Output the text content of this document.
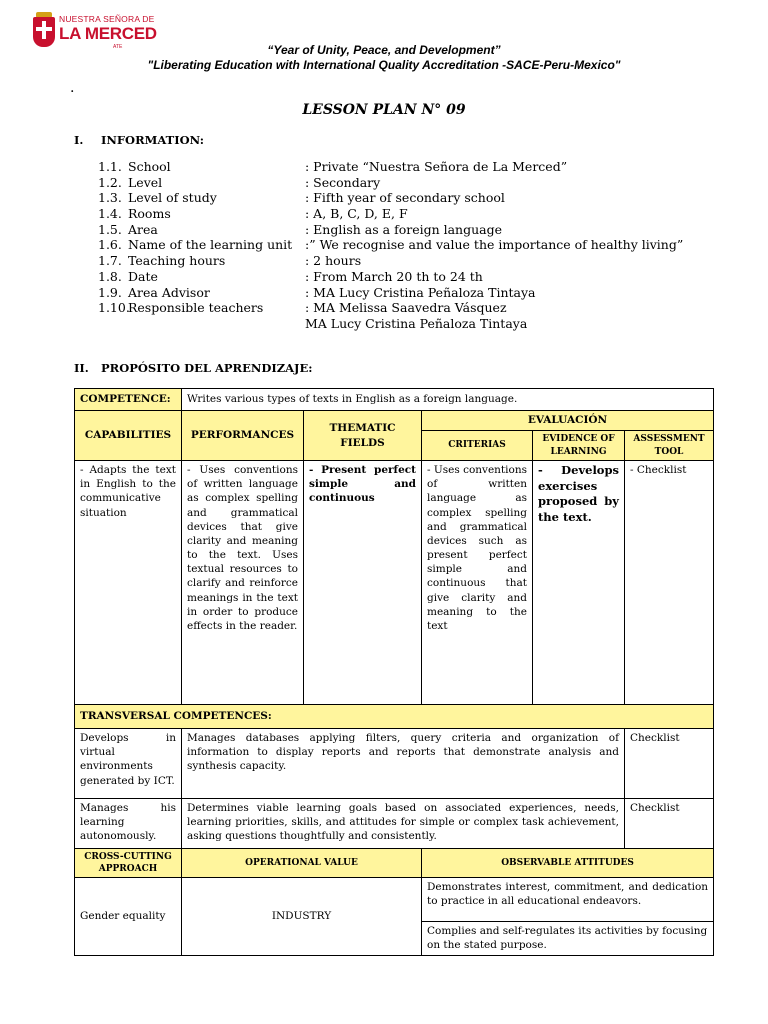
NUESTRA SEÑORA DE
LA MERCED
ATE	“Year of Unity, Peace, and Development”
"Liberating Education with International Quality Accreditation -SACE-Peru-Mexico"
.
LESSON PLAN N° 09
I. INFORMATION:
1.1. School	: Private “Nuestra Señora de La Merced”
1.2. Level	: Secondary
1.3. Level of study	: Fifth year of secondary school
1.4. Rooms	: A, B, C, D, E, F
1.5. Area	: English as a foreign language
1.6. Name of the learning unit :” We recognise and value the importance of healthy living”
1.7. Teaching hours	: 2 hours
1.8. Date	: From March 20 th to 24 th
1.9. Area Advisor	: MA Lucy Cristina Peñaloza Tintaya
1.10.
Responsible teachers	: MA Melissa Saavedra Vásquez
MA Lucy Cristina Peñaloza Tintaya
II. PROPÓSITO DEL APRENDIZAJE:
COMPETENCE:	Writes various types of texts in English as a foreign language.				
CAPABILITIES	PERFORMANCES	THEMATIC FIELDS	EVALUACIÓN		
			CRITERIAS	EVIDENCE OF LEARNING	ASSESSMENT TOOL
- Adapts the text in English to the communicative situation	- Uses conventions of written language as complex spelling and grammatical devices that give clarity and meaning to the text. Uses textual resources to clarify and reinforce meanings in the text in order to produce effects in the reader.	- Present perfect simple and continuous	- Uses conventions of written language as complex spelling and grammatical devices such as present perfect simple and continuous that give clarity and meaning to the text	- Develops exercises proposed by the text.	- Checklist
TRANSVERSAL COMPETENCES:					
Develops in virtual environments generated by ICT.	Manages databases applying filters, query criteria and organization of information to display reports and reports that demonstrate analysis and synthesis capacity.				Checklist
Manages his learning autonomously.	Determines viable learning goals based on associated experiences, needs, learning priorities, skills, and attitudes for simple or complex task achievement, asking questions thoughtfully and consistently.				Checklist
CROSS-CUTTING APPROACH	OPERATIONAL VALUE		OBSERVABLE ATTITUDES		
Gender equality	INDUSTRY		Demonstrates interest, commitment, and dedication to practice in all educational endeavors.		
			Complies and self-regulates its activities by focusing on the stated purpose.		
